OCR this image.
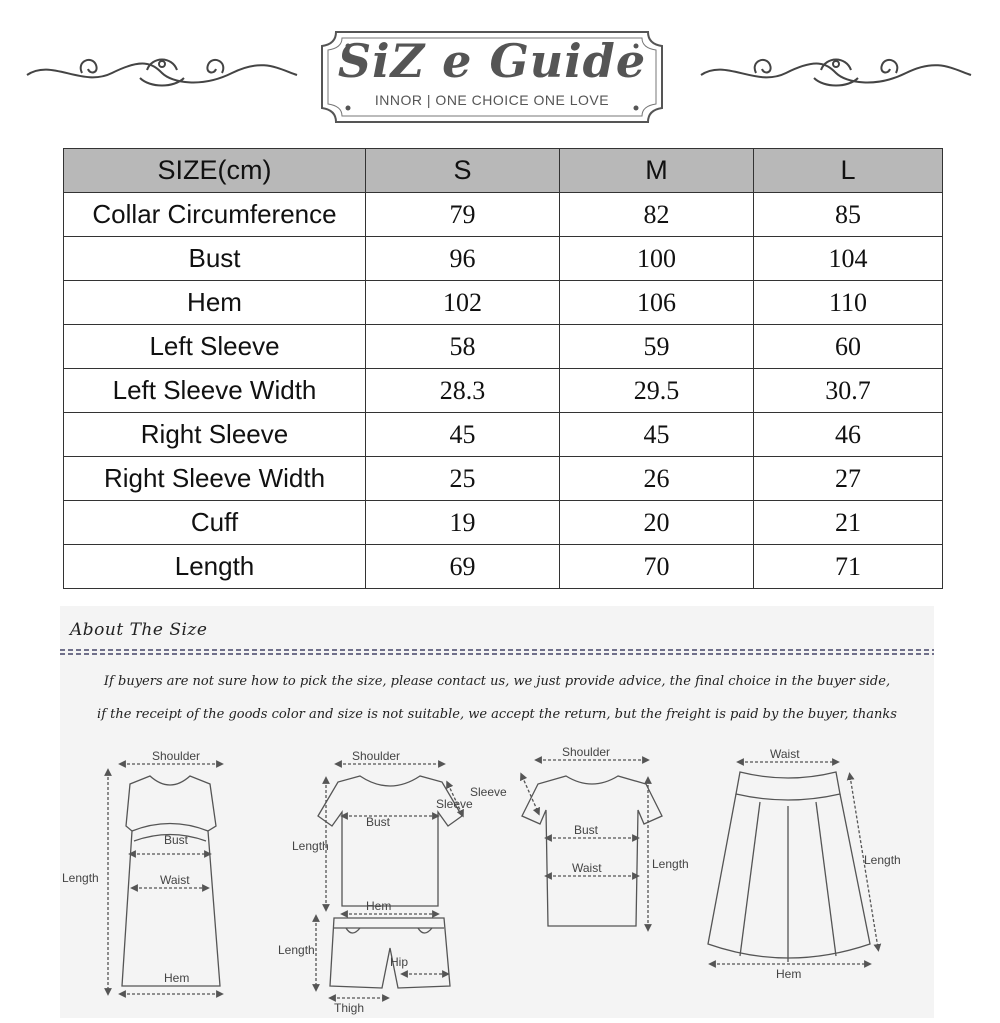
SiZ e Guide
INNOR | ONE CHOICE ONE LOVE
SIZE(cm)	S	M	L
Collar Circumference	79	82	85
Bust	96	100	104
Hem	102	106	110
Left Sleeve	58	59	60
Left Sleeve Width	28.3	29.5	30.7
Right Sleeve	45	45	46
Right Sleeve Width	25	26	27
Cuff	19	20	21
Length	69	70	71
About The Size
If buyers are not sure how to pick the size, please contact us, we just provide advice, the final choice in the buyer side,
if the receipt of the goods color and size is not suitable, we accept the return, but the freight is paid by the buyer, thanks
Shoulder
Bust
Waist
Length
Hem
Shoulder
Sleeve
Bust
Length
Hem
Length
Hip
Thigh
Shoulder
Sleeve
Bust
Waist	Length
Waist
Length
Hem
